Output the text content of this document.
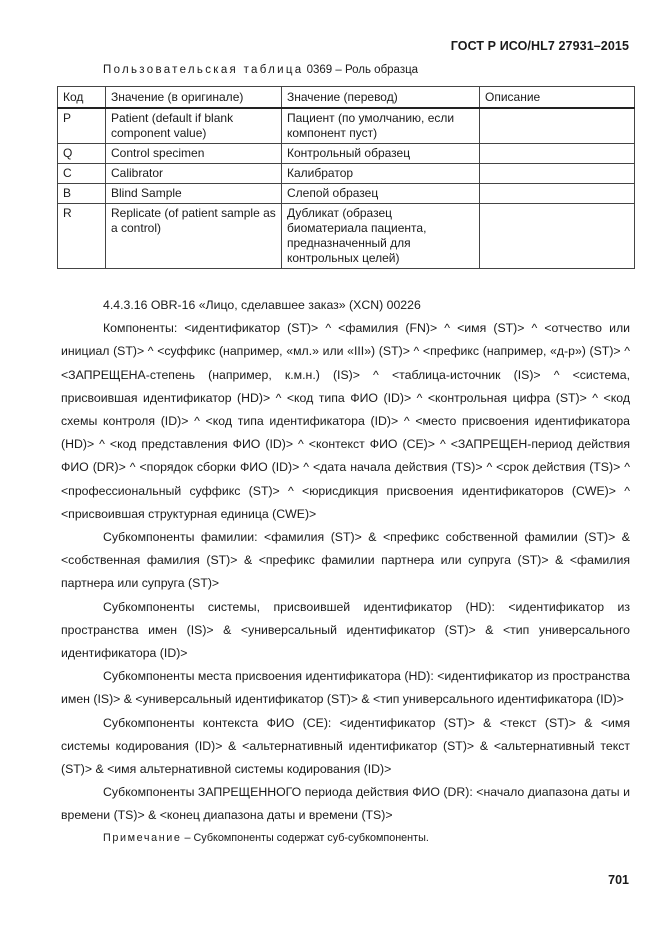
ГОСТ Р ИСО/HL7 27931–2015
Пользовательская таблица 0369 – Роль образца
Код	Значение (в оригинале)	Значение (перевод)	Описание
P	Patient (default if blank component value)	Пациент (по умолчанию, если компонент пуст)	
Q	Control specimen	Контрольный образец	
C	Calibrator	Калибратор	
B	Blind Sample	Слепой образец	
R	Replicate (of patient sample as a control)	Дубликат (образец биоматериала пациента, предназначенный для контрольных целей)	

4.4.3.16 OBR-16 «Лицо, сделавшее заказ» (XCN) 00226

Компоненты: <идентификатор (ST)> ^ <фамилия (FN)> ^ <имя (ST)> ^ <отчество или инициал (ST)> ^ <суффикс (например, «мл.» или «III») (ST)> ^ <префикс (например, «д-р») (ST)> ^ <ЗАПРЕЩЕНА-степень (например, к.м.н.) (IS)> ^ <таблица-источник (IS)> ^ <система, присвоившая идентификатор (HD)> ^ <код типа ФИО (ID)> ^ <контрольная цифра (ST)> ^ <код схемы контроля (ID)> ^ <код типа идентификатора (ID)> ^ <место присвоения идентификатора (HD)> ^ <код представления ФИО (ID)> ^ <контекст ФИО (CE)> ^ <ЗАПРЕЩЕН-период действия ФИО (DR)> ^ <порядок сборки ФИО (ID)> ^ <дата начала действия (TS)> ^ <срок действия (TS)> ^ <профессиональный суффикс (ST)> ^ <юрисдикция присвоения идентификаторов (CWE)> ^ <присвоившая структурная единица (CWE)>

Субкомпоненты фамилии: <фамилия (ST)> & <префикс собственной фамилии (ST)> & <собственная фамилия (ST)> & <префикс фамилии партнера или супруга (ST)> & <фамилия партнера или супруга (ST)>

Субкомпоненты системы, присвоившей идентификатор (HD): <идентификатор из пространства имен (IS)> & <универсальный идентификатор (ST)> & <тип универсального идентификатора (ID)>

Субкомпоненты места присвоения идентификатора (HD): <идентификатор из пространства имен (IS)> & <универсальный идентификатор (ST)> & <тип универсального идентификатора (ID)>

Субкомпоненты контекста ФИО (CE): <идентификатор (ST)> & <текст (ST)> & <имя системы кодирования (ID)> & <альтернативный идентификатор (ST)> & <альтернативный текст (ST)> & <имя альтернативной системы кодирования (ID)>

Субкомпоненты ЗАПРЕЩЕННОГО периода действия ФИО (DR): <начало диапазона даты и времени (TS)> & <конец диапазона даты и времени (TS)>

Примечание – Субкомпоненты содержат суб-субкомпоненты.

701
